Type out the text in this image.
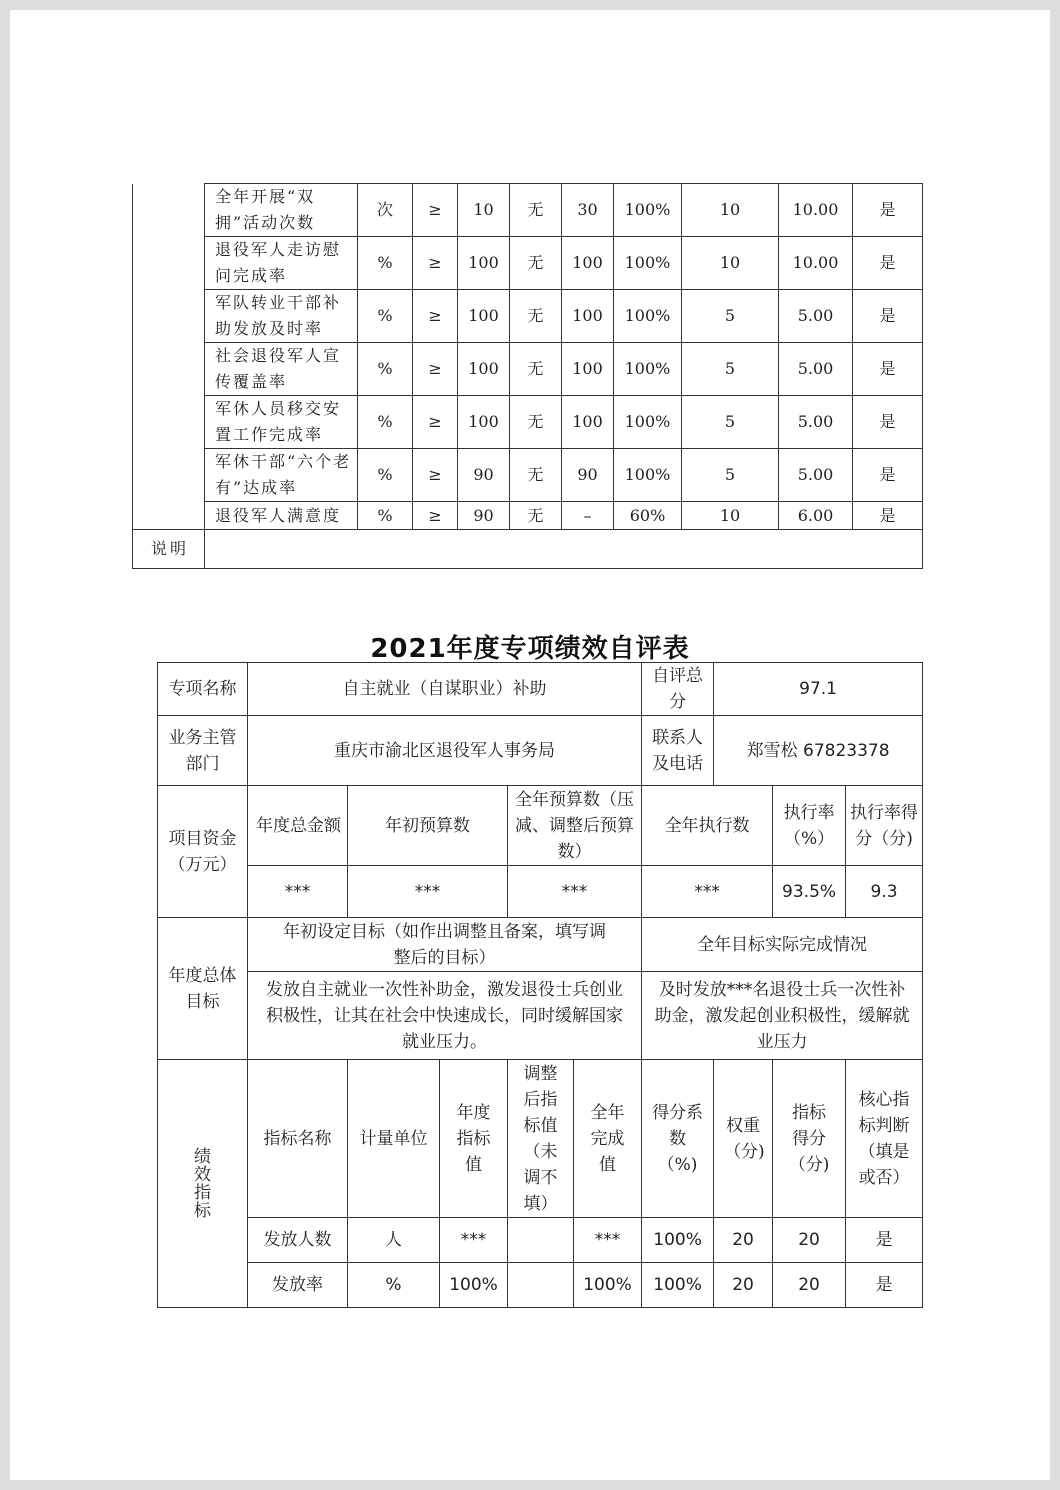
	全年开展“双拥”活动次数	次	≥	10	无	30	100%	10	10.00	是
	退役军人走访慰问完成率	%	≥	100	无	100	100%	10	10.00	是
	军队转业干部补助发放及时率	%	≥	100	无	100	100%	5	5.00	是
	社会退役军人宣传覆盖率	%	≥	100	无	100	100%	5	5.00	是
	军休人员移交安置工作完成率	%	≥	100	无	100	100%	5	5.00	是
	军休干部“六个老有”达成率	%	≥	90	无	90	100%	5	5.00	是
	退役军人满意度	%	≥	90	无	–	60%	10	6.00	是
说明										
2021年度专项绩效自评表
专项名称	自主就业（自谋职业）补助					自评总分	97.1		
业务主管部门	重庆市渝北区退役军人事务局					联系人及电话	郑雪松 67823378		
项目资金（万元）	年度总金额	年初预算数		全年预算数（压减、调整后预算数）		全年执行数		执行率（%）	执行率得分（分)
	***	***		***		***		93.5%	9.3
年度总体目标	年初设定目标（如作出调整且备案，填写调整后的目标）					全年目标实际完成情况			
	发放自主就业一次性补助金，激发退役士兵创业积极性，让其在社会中快速成长，同时缓解国家就业压力。					及时发放***名退役士兵一次性补助金，激发起创业积极性，缓解就业压力			

绩效指标	指标名称	计量单位	年度指标值	调整后指标值（未调不填）	全年完成值	得分系数（%)	权重（分)	指标得分（分)	核心指标判断（填是或否）
	发放人数	人	***		***	100%	20	20	是
	发放率	%	100%		100%	100%	20	20	是
